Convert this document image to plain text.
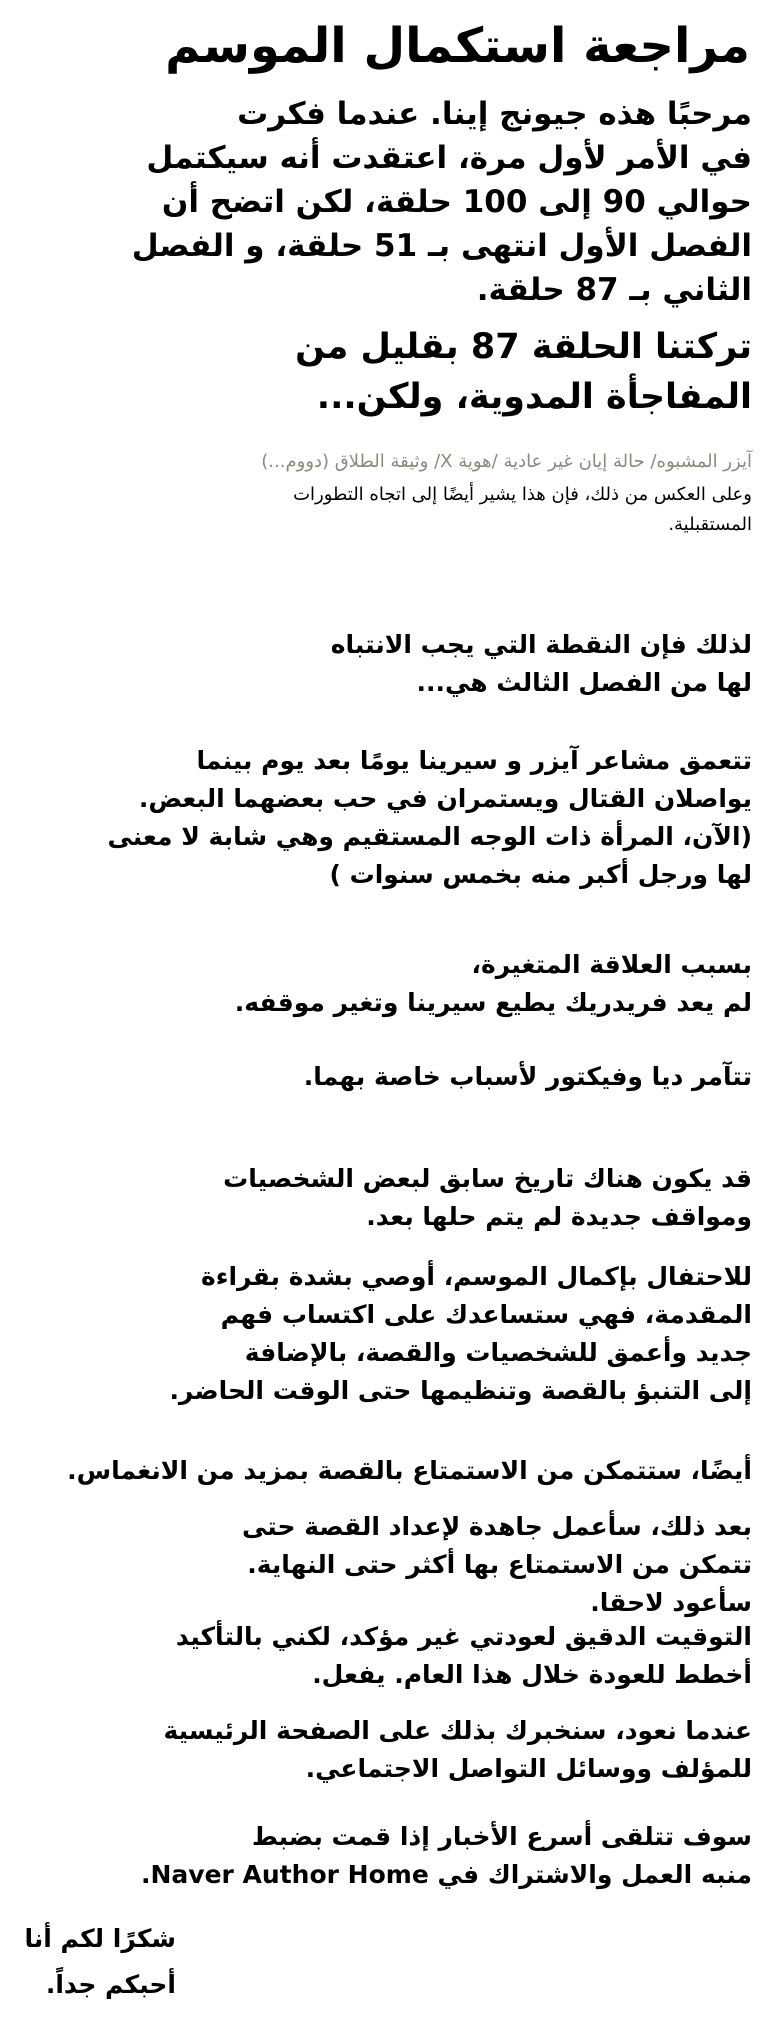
مراجعة استكمال الموسم
مرحبًا هذه جيونج إينا. عندما فكرت
في الأمر لأول مرة، اعتقدت أنه سيكتمل
حوالي 90 إلى 100 حلقة، لكن اتضح أن
الفصل الأول انتهى بـ 51 حلقة، و الفصل
الثاني بـ 87 حلقة.
تركتنا الحلقة 87 بقليل من
المفاجأة المدوية، ولكن...
آيزر المشبوه/ حالة إيان غير عادية /هوية X/ وثيقة الطلاق (دووم...)
وعلى العكس من ذلك، فإن هذا يشير أيضًا إلى اتجاه التطورات
المستقبلية.
لذلك فإن النقطة التي يجب الانتباه
لها من الفصل الثالث هي...
تتعمق مشاعر آيزر و سيرينا يومًا بعد يوم بينما
يواصلان القتال ويستمران في حب بعضهما البعض.
(الآن، المرأة ذات الوجه المستقيم وهي شابة لا معنى
لها ورجل أكبر منه بخمس سنوات )
بسبب العلاقة المتغيرة،
لم يعد فريدريك يطيع سيرينا وتغير موقفه.
تتآمر ديا وفيكتور لأسباب خاصة بهما.
قد يكون هناك تاريخ سابق لبعض الشخصيات
ومواقف جديدة لم يتم حلها بعد.
للاحتفال بإكمال الموسم، أوصي بشدة بقراءة
المقدمة، فهي ستساعدك على اكتساب فهم
جديد وأعمق للشخصيات والقصة، بالإضافة
إلى التنبؤ بالقصة وتنظيمها حتى الوقت الحاضر.
أيضًا، ستتمكن من الاستمتاع بالقصة بمزيد من الانغماس.
بعد ذلك، سأعمل جاهدة لإعداد القصة حتى
تتمكن من الاستمتاع بها أكثر حتى النهاية.
سأعود لاحقا.
التوقيت الدقيق لعودتي غير مؤكد، لكني بالتأكيد
أخطط للعودة خلال هذا العام. يفعل.
عندما نعود، سنخبرك بذلك على الصفحة الرئيسية
للمؤلف ووسائل التواصل الاجتماعي.
سوف تتلقى أسرع الأخبار إذا قمت بضبط
منبه العمل والاشتراك في Naver Author Home.
شكرًا لكم أنا
أحبكم جداً.
